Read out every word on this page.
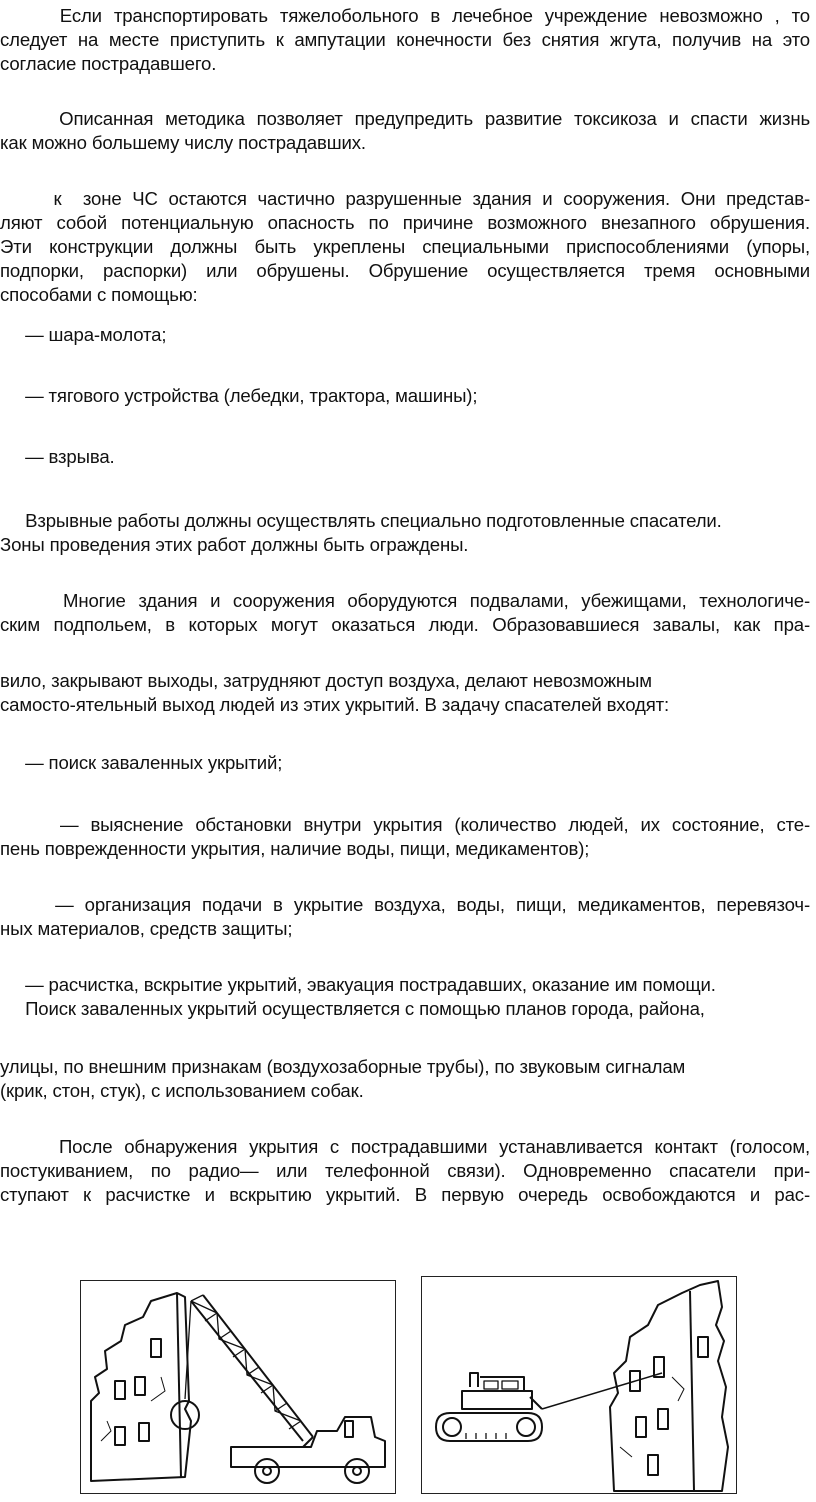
Если транспортировать тяжелобольного в лечебное учреждение невозможно , то
следует на месте приступить к ампутации конечности без снятия жгута, получив на это
согласие пострадавшего.
Описанная методика позволяет предупредить развитие токсикоза и спасти жизнь
как можно большему числу пострадавших.
к  зоне ЧС остаются частично разрушенные здания и сооружения. Они представ-
ляют собой потенциальную опасность по причине возможного внезапного обрушения.
Эти конструкции должны быть укреплены специальными приспособлениями (упоры,
подпорки, распорки) или обрушены. Обрушение осуществляется тремя основными
способами с помощью:
— шара-молота;
— тягового устройства (лебедки, трактора, машины);
— взрыва.
Взрывные работы должны осуществлять специально подготовленные спасатели.
Зоны проведения этих работ должны быть ограждены.
Многие здания и сооружения оборудуются подвалами, убежищами, технологиче-
ским подпольем, в которых могут оказаться люди. Образовавшиеся завалы, как пра-
вило, закрывают выходы, затрудняют доступ воздуха, делают невозможным
самосто-ятельный выход людей из этих укрытий. В задачу спасателей входят:
— поиск заваленных укрытий;
— выяснение обстановки внутри укрытия (количество людей, их состояние, сте-
пень поврежденности укрытия, наличие воды, пищи, медикаментов);
— организация подачи в укрытие воздуха, воды, пищи, медикаментов, перевязоч-
ных материалов, средств защиты;
— расчистка, вскрытие укрытий, эвакуация пострадавших, оказание им помощи.
Поиск заваленных укрытий осуществляется с помощью планов города, района,
улицы, по внешним признакам (воздухозаборные трубы), по звуковым сигналам
(крик, стон, стук), с использованием собак.
После обнаружения укрытия с пострадавшими устанавливается контакт (голосом,
постукиванием, по радио— или телефонной связи). Одновременно спасатели при-
ступают к расчистке и вскрытию укрытий. В первую очередь освобождаются и рас-
